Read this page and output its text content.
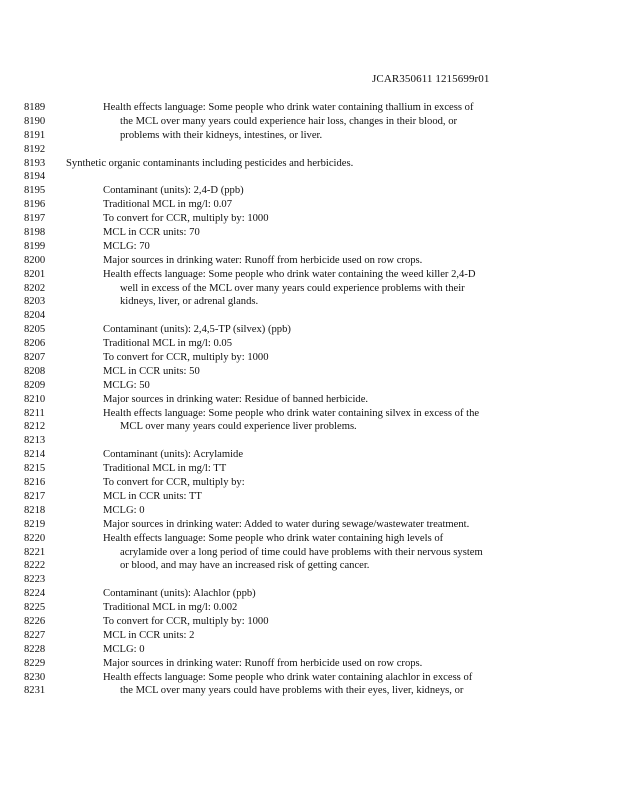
JCAR350611 1215699r01
8189	Health effects language: Some people who drink water containing thallium in excess of
8190	the MCL over many years could experience hair loss, changes in their blood, or
8191	problems with their kidneys, intestines, or liver.
8192
8193	Synthetic organic contaminants including pesticides and herbicides.
8194
8195	Contaminant (units): 2,4-D (ppb)
8196	Traditional MCL in mg/l: 0.07
8197	To convert for CCR, multiply by: 1000
8198	MCL in CCR units: 70
8199	MCLG: 70
8200	Major sources in drinking water: Runoff from herbicide used on row crops.
8201	Health effects language: Some people who drink water containing the weed killer 2,4-D
8202	well in excess of the MCL over many years could experience problems with their
8203	kidneys, liver, or adrenal glands.
8204
8205	Contaminant (units): 2,4,5-TP (silvex) (ppb)
8206	Traditional MCL in mg/l: 0.05
8207	To convert for CCR, multiply by: 1000
8208	MCL in CCR units: 50
8209	MCLG: 50
8210	Major sources in drinking water: Residue of banned herbicide.
8211	Health effects language: Some people who drink water containing silvex in excess of the
8212	MCL over many years could experience liver problems.
8213
8214	Contaminant (units): Acrylamide
8215	Traditional MCL in mg/l: TT
8216	To convert for CCR, multiply by:
8217	MCL in CCR units: TT
8218	MCLG: 0
8219	Major sources in drinking water: Added to water during sewage/wastewater treatment.
8220	Health effects language: Some people who drink water containing high levels of
8221	acrylamide over a long period of time could have problems with their nervous system
8222	or blood, and may have an increased risk of getting cancer.
8223
8224	Contaminant (units): Alachlor (ppb)
8225	Traditional MCL in mg/l: 0.002
8226	To convert for CCR, multiply by: 1000
8227	MCL in CCR units: 2
8228	MCLG: 0
8229	Major sources in drinking water: Runoff from herbicide used on row crops.
8230	Health effects language: Some people who drink water containing alachlor in excess of
8231	the MCL over many years could have problems with their eyes, liver, kidneys, or
